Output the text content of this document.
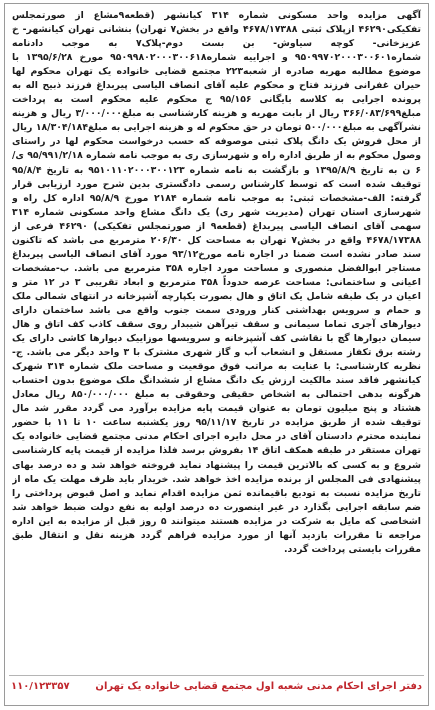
آگهی مزایده واحد مسکونی شماره ۳۱۴ کیانشهر (قطعه۹مشاع از صورتمجلس تفکیکی۴۶۲۹۰ ازپلاک ثبتی ۴۶۷۸/۱۷۳۸۸ واقع در بخش۷ تهران) بنشانی تهران کیانشهر- خ عزیزخانی- کوچه سیاوش- بن بست دوم-پلاک۷ به موجب دادنامه شماره۹۵۰۹۹۷۰۲۰۰۰۳۰۰۶۰۱ و اجراییه شماره۹۵۰۹۹۸۰۲۰۰۰۳۰۰۶۱۸ مورخ ۱۳۹۵/۶/۲۸ با موضوع مطالبه مهریه صادره از شعبه۲۲۳ مجتمع قضایی خانواده یک تهران محکوم لها حیران غفرانی فرزند فتاح و محکوم علیه آقای انصاف الیاسی پیربداغ فرزند ذبیح اله به پرونده اجرایی به کلاسه بایگانی ۹۵/۱۵۶ ج محکوم علیه محکوم است به پرداخت مبلغ۳۶۶/۰۸۳/۶۹۹ ریال از بابت مهریه و هزینه کارشناسی به مبلغ۳/۰۰۰/۰۰۰ ریال و هزینه نشرآگهی به مبلغ۵۰۰/۰۰۰ تومان در حق محکوم له و هزینه اجرایی به مبلغ۱۸/۳۰۴/۱۸۴ ریال از محل فروش یک دانگ پلاک ثبتی موصوفه که حسب درخواست محکوم لها در راستای وصول محکوم به از طریق اداره راه و شهرسازی ری به موجب نامه شماره ۹۵/۹۹۱/۲/۱۸ ی/۶ ن به تاریخ ۱۳۹۵/۸/۹ و بازگشت به نامه شماره ۹۵۱۰۱۱۰۲۰۰۰۳۰۰۱۲۳ به تاریخ ۹۵/۸/۴ توقیف شده است که توسط کارشناس رسمی دادگستری بدین شرح مورد ارزیابی قرار گرفته: الف-مشخصات ثبتی: به موجب نامه شماره ۲۱۸۴ مورخ ۹۵/۸/۹ اداره کل راه و شهرسازی استان تهران (مدیریت شهر ری) یک دانگ مشاع واحد مسکونی شماره ۳۱۴ سهمی آقای انصاف الیاسی پیربداغ (قطعه۹ از صورتمجلس تفکیکی) ۴۶۲۹۰ فرعی از ۴۶۷۸/۱۷۳۸۸ واقع در بخش۷ تهران به مساحت کل ۲۰۶/۳۰ مترمربع می باشد که تاکنون سند صادر نشده است ضمنا در اجاره نامه مورخ۹۳/۱۲ مورد آقای انصاف الیاسی پیربداغ مستاجر ابوالفضل منصوری و مساحت مورد اجاره ۳۵۸ مترمربع می باشد. ب-مشخصات اعیانی و ساختمانی: مساحت عرصه حدوداً ۳۵۸ مترمربع و ابعاد تقریبی ۳ در ۱۲ متر و اعیان در یک طبقه شامل یک اتاق و هال بصورت یکپارچه آشپزخانه در انتهای شمالی ملک و حمام و سرویس بهداشتی کنار ورودی سمت جنوب واقع می باشد ساختمان دارای دیوارهای آجری تماما سیمانی و سقف تیرآهن شیبدار روی سقف کاذب کف اتاق و هال سیمان دیوارها گچ با نقاشی کف آشپزخانه و سرویسها موزاییک دیوارها کاشی دارای یک رشته برق تکفاز مستقل و انشعاب آب و گاز شهری مشترک با ۳ واحد دیگر می باشد. ج- نظریه کارشناسی: با عنایت به مراتب فوق موقعیت و مساحت ملک شماره ۳۱۴ شهرک کیانشهر فاقد سند مالکیت ارزش یک دانگ مشاع از ششدانگ ملک موضوع بدون احتساب هرگونه بدهی احتمالی به اشخاص حقیقی وحقوقی به مبلغ ۸۵۰/۰۰۰/۰۰۰ ریال معادل هشتاد و پنج میلیون تومان به عنوان قیمت پایه مزایده برآورد می گردد مقرر شد مال توقیف شده از طریق مزایده در تاریخ ۹۵/۱۱/۱۷ روز یکشنبه ساعت ۱۰ تا ۱۱ با حضور نماینده محترم دادستان آقای در محل دایره اجرای احکام مدنی مجتمع قضایی خانواده یک تهران مستقر در طبقه همکف اتاق ۱۴ بفروش برسد فلذا مزایده از قیمت پایه کارشناسی شروع و به کسی که بالاترین قیمت را پیشنهاد نماید فروخته خواهد شد و ده درصد بهای پیشنهادی فی المجلس از برنده مزایده اخذ خواهد شد. خریدار باید ظرف مهلت یک ماه از تاریخ مزایده نسبت به تودیع باقیمانده ثمن مزایده اقدام نماید و اصل قبوض پرداختی را ضم سابقه اجرایی بگذارد در غیر اینصورت ده درصد اولیه به نفع دولت ضبط خواهد شد اشخاصی که مایل به شرکت در مزایده هستند میتوانند ۵ روز قبل از مزایده به این اداره مراجعه تا مقررات بازدید آنها از مورد مزایده فراهم گردد هزینه نقل و انتقال طبق مقررات بایستی پرداخت گردد.
دفتر اجرای احکام مدنی شعبه اول مجتمع قضایی خانواده یک تهران
۱۱۰/۱۲۳۳۵۷
